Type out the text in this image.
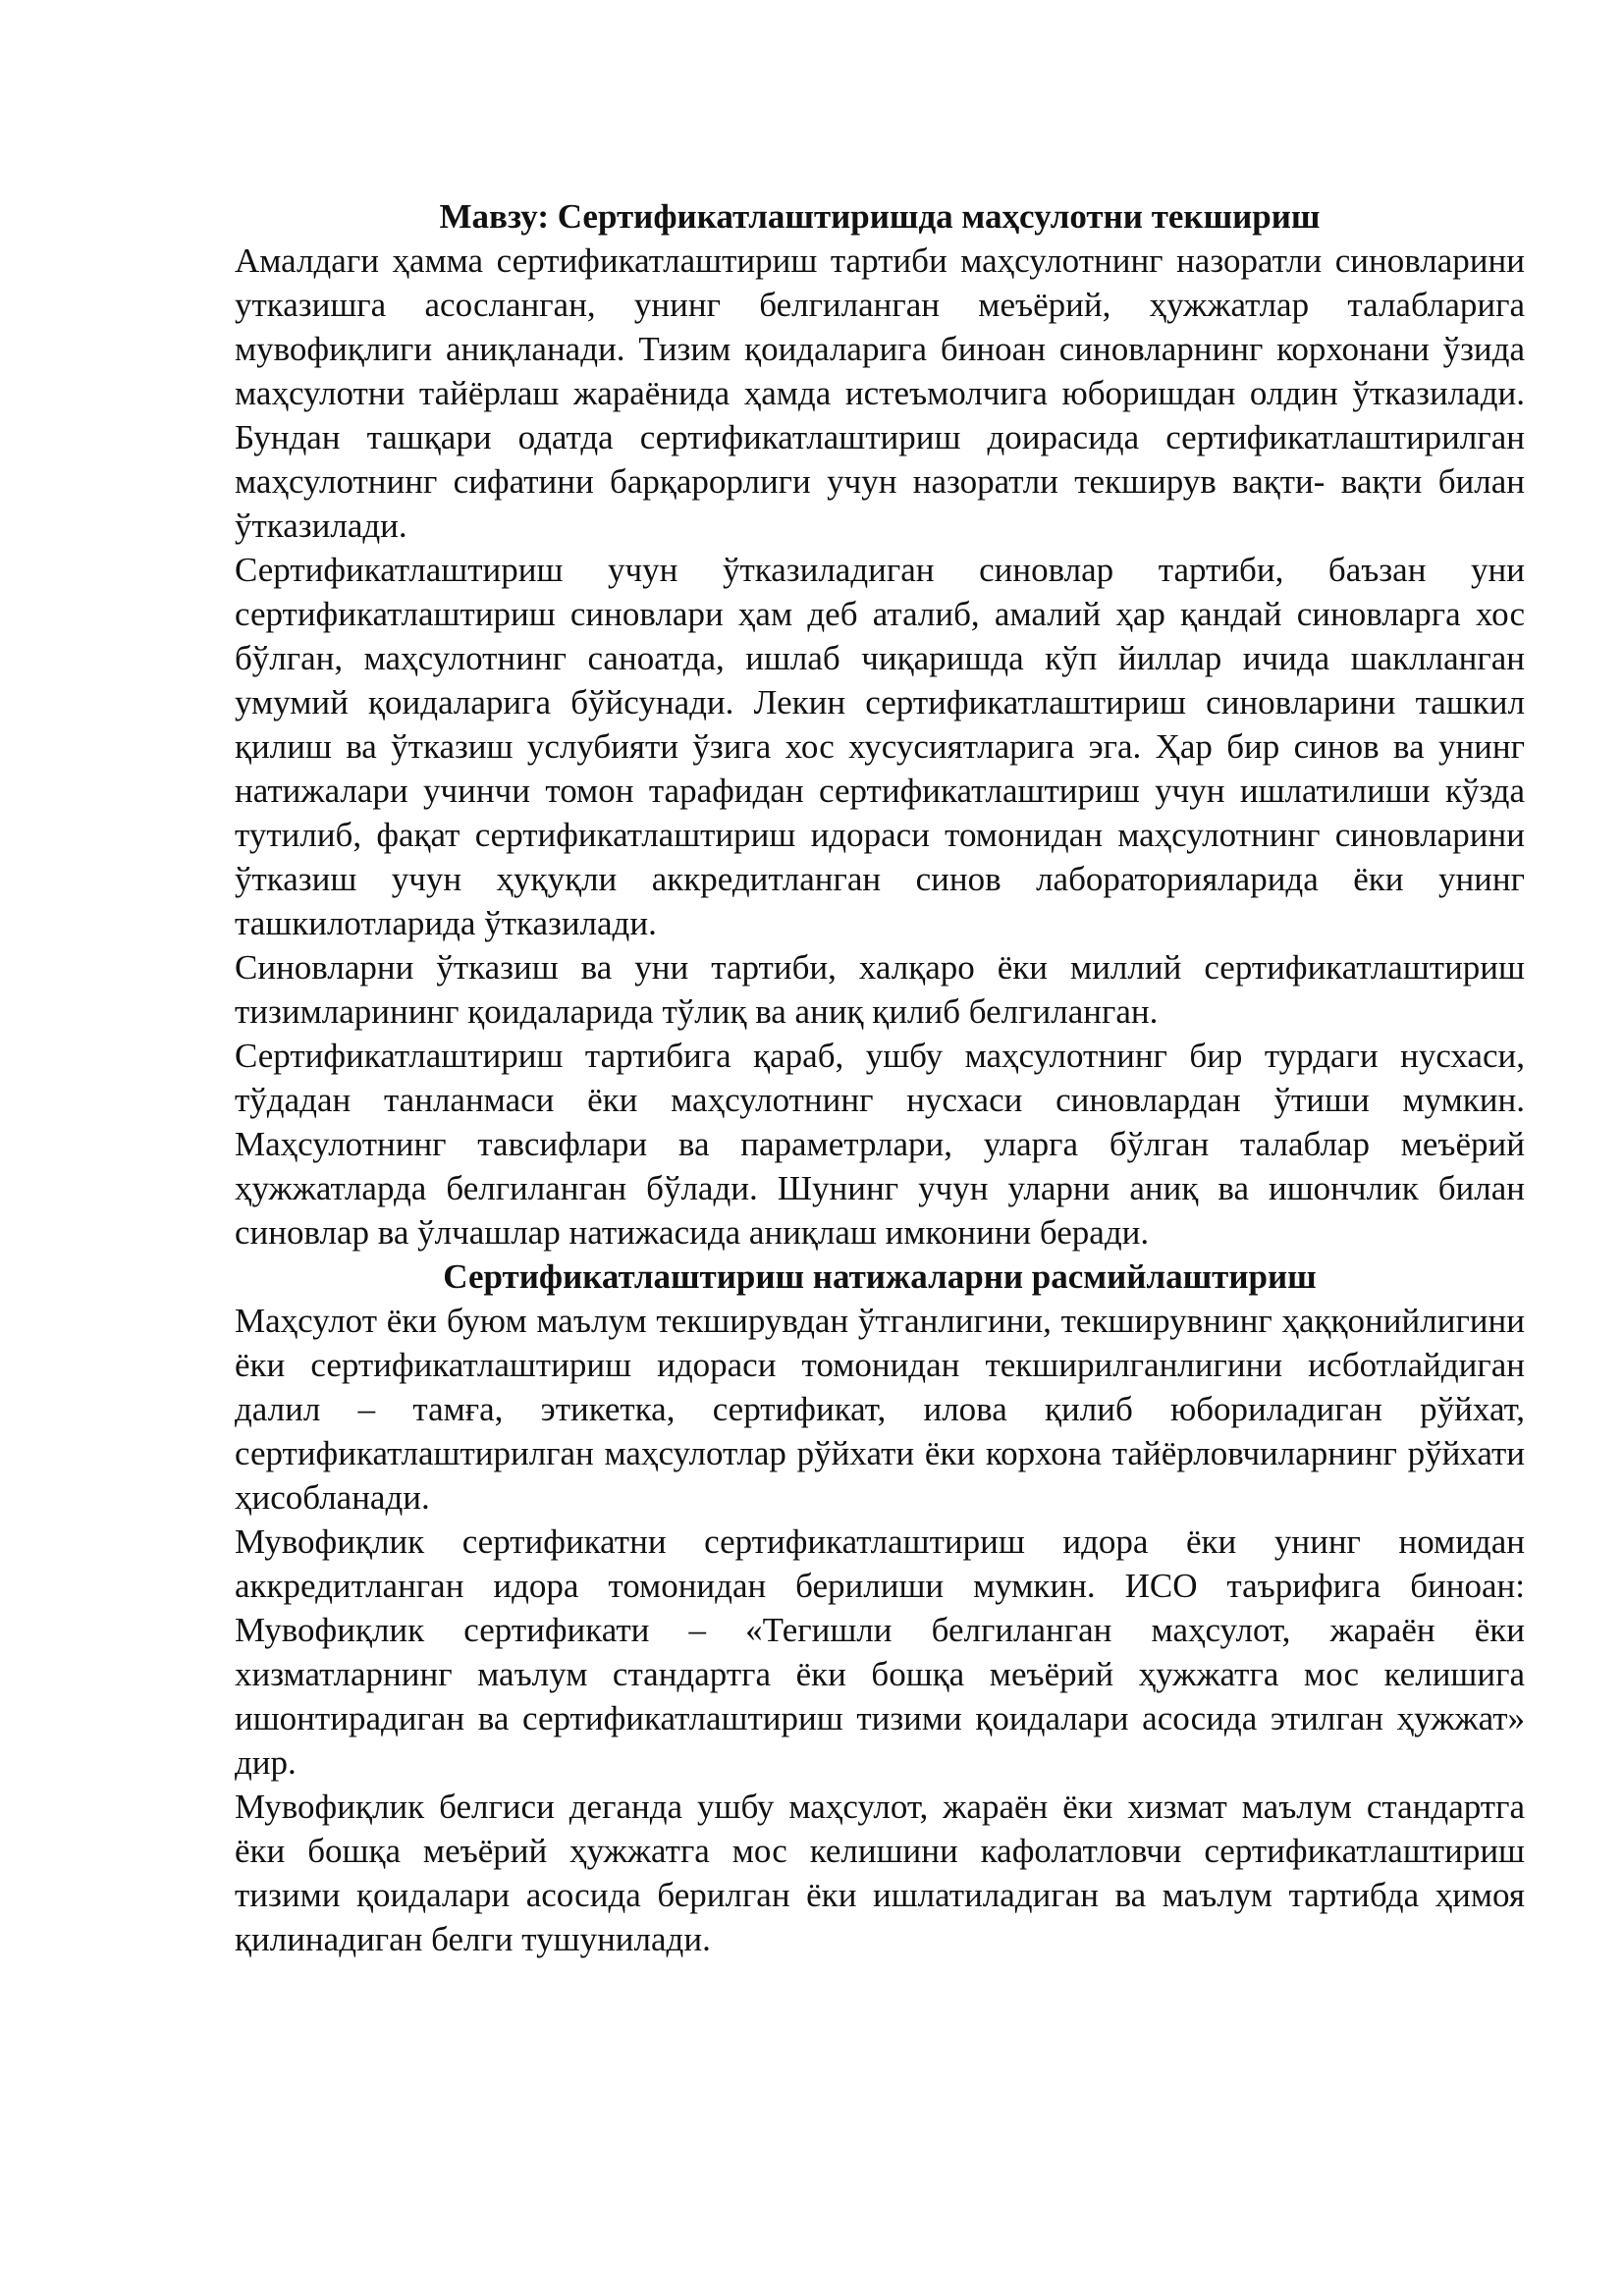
Мавзу: Сертификатлаштиришда маҳсулотни текшириш

Амалдаги ҳамма сертификатлаштириш тартиби маҳсулотнинг назоратли синовларини утказишга асосланган, унинг белгиланган меъёрий, ҳужжатлар талабларига мувофиқлиги аниқланади. Тизим қоидаларига биноан синовларнинг корхонани ўзида маҳсулотни тайёрлаш жараёнида ҳамда истеъмолчига юборишдан олдин ўтказилади. Бундан ташқари одатда сертификатлаштириш доирасида сертификатлаштирилган маҳсулотнинг сифатини барқарорлиги учун назоратли текширув вақти- вақти билан ўтказилади.

Сертификатлаштириш учун ўтказиладиган синовлар тартиби, баъзан уни сертификатлаштириш синовлари ҳам деб аталиб, амалий ҳар қандай синовларга хос бўлган, маҳсулотнинг саноатда, ишлаб чиқаришда кўп йиллар ичида шаклланган умумий қоидаларига бўйсунади. Лекин сертификатлаштириш синовларини ташкил қилиш ва ўтказиш услубияти ўзига хос хусусиятларига эга. Ҳар бир синов ва унинг натижалари учинчи томон тарафидан сертификатлаштириш учун ишлатилиши кўзда тутилиб, фақат сертификатлаштириш идораси томонидан маҳсулотнинг синовларини ўтказиш учун ҳуқуқли аккредитланган синов лабораторияларида ёки унинг ташкилотларида ўтказилади.

Синовларни ўтказиш ва уни тартиби, халқаро ёки миллий сертификатлаштириш тизимларининг қоидаларида тўлиқ ва аниқ қилиб белгиланган.

Сертификатлаштириш тартибига қараб, ушбу маҳсулотнинг бир турдаги нусхаси, тўдадан танланмаси ёки маҳсулотнинг нусхаси синовлардан ўтиши мумкин. Маҳсулотнинг тавсифлари ва параметрлари, уларга бўлган талаблар меъёрий ҳужжатларда белгиланган бўлади. Шунинг учун уларни аниқ ва ишончлик билан синовлар ва ўлчашлар натижасида аниқлаш имконини беради.

Сертификатлаштириш натижаларни расмийлаштириш

Маҳсулот ёки буюм маълум текширувдан ўтганлигини, текширувнинг ҳаққонийлигини ёки сертификатлаштириш идораси томонидан текширилганлигини исботлайдиган далил – тамға, этикетка, сертификат, илова қилиб юбориладиган рўйхат, сертификатлаштирилган маҳсулотлар рўйхати ёки корхона тайёрловчиларнинг рўйхати ҳисобланади.

Мувофиқлик сертификатни сертификатлаштириш идора ёки унинг номидан аккредитланган идора томонидан берилиши мумкин. ИСО таърифига биноан: Мувофиқлик сертификати – «Тегишли белгиланган маҳсулот, жараён ёки хизматларнинг маълум стандартга ёки бошқа меъёрий ҳужжатга мос келишига ишонтирадиган ва сертификатлаштириш тизими қоидалари асосида этилган ҳужжат» дир.

Мувофиқлик белгиси деганда ушбу маҳсулот, жараён ёки хизмат маълум стандартга ёки бошқа меъёрий ҳужжатга мос келишини кафолатловчи сертификатлаштириш тизими қоидалари асосида берилган ёки ишлатиладиган ва маълум тартибда ҳимоя қилинадиган белги тушунилади.
